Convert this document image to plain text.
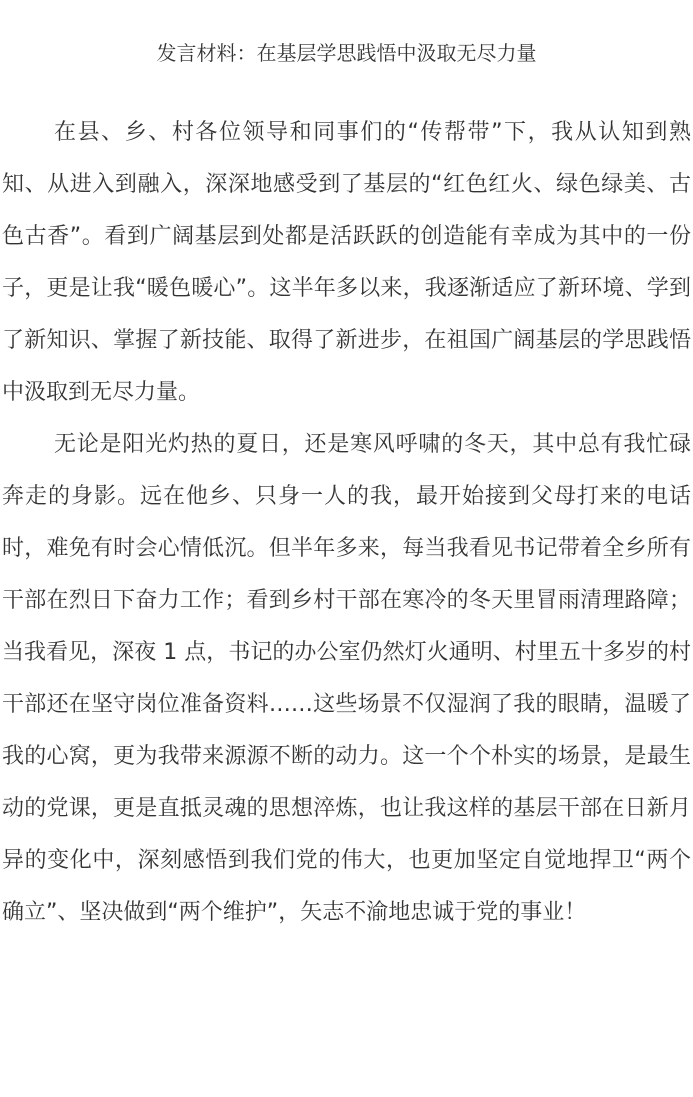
发言材料：在基层学思践悟中汲取无尽力量

在县、乡、村各位领导和同事们的“传帮带”下，我从认知到熟知、从进入到融入，深深地感受到了基层的“红色红火、绿色绿美、古色古香”。看到广阔基层到处都是活跃跃的创造能有幸成为其中的一份子，更是让我“暖色暖心”。这半年多以来，我逐渐适应了新环境、学到了新知识、掌握了新技能、取得了新进步，在祖国广阔基层的学思践悟中汲取到无尽力量。

无论是阳光灼热的夏日，还是寒风呼啸的冬天，其中总有我忙碌奔走的身影。远在他乡、只身一人的我，最开始接到父母打来的电话时，难免有时会心情低沉。但半年多来，每当我看见书记带着全乡所有干部在烈日下奋力工作；看到乡村干部在寒冷的冬天里冒雨清理路障；当我看见，深夜 1 点，书记的办公室仍然灯火通明、村里五十多岁的村干部还在坚守岗位准备资料……这些场景不仅湿润了我的眼睛，温暖了我的心窝，更为我带来源源不断的动力。这一个个朴实的场景，是最生动的党课，更是直抵灵魂的思想淬炼，也让我这样的基层干部在日新月异的变化中，深刻感悟到我们党的伟大，也更加坚定自觉地捍卫“两个确立”、坚决做到“两个维护”，矢志不渝地忠诚于党的事业！
